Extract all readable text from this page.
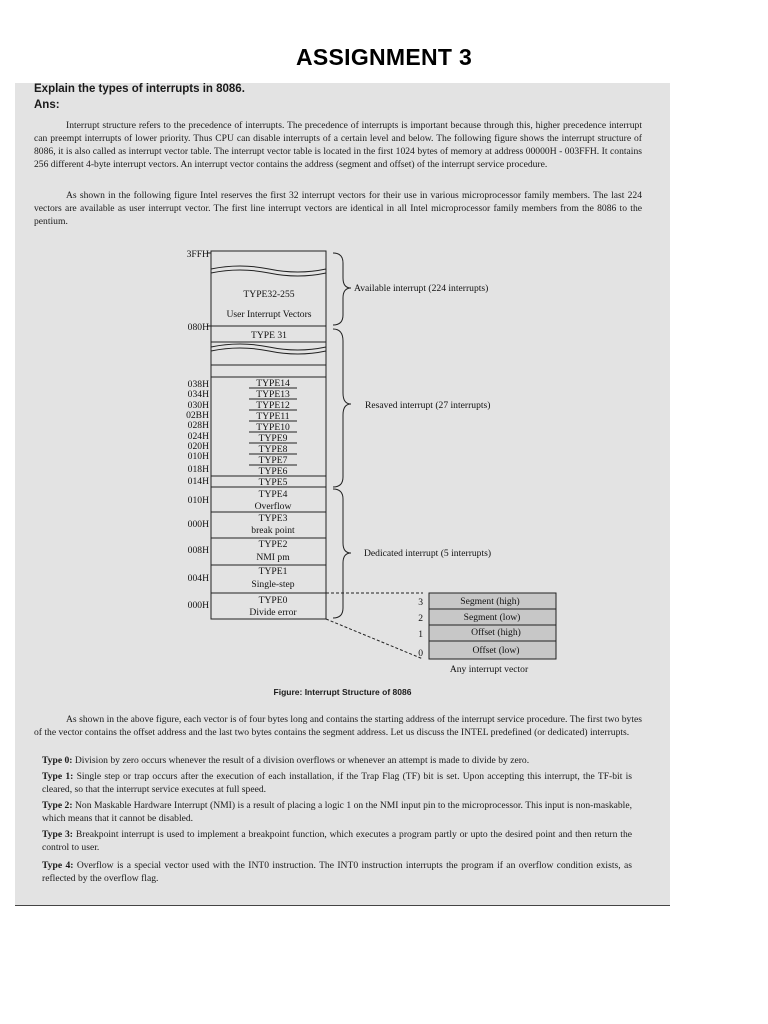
ASSIGNMENT 3
Explain the types of interrupts in 8086.
Ans:

Interrupt structure refers to the precedence of interrupts. The precedence of interrupts is important because through this, higher precedence interrupt can preempt interrupts of lower priority. Thus CPU can disable interrupts of a certain level and below. The following figure shows the interrupt structure of 8086, it is also called as interrupt vector table. The interrupt vector table is located in the first 1024 bytes of memory at address 00000H - 003FFH. It contains 256 different 4-byte interrupt vectors. An interrupt vector contains the address (segment and offset) of the interrupt service procedure.

As shown in the following figure Intel reserves the first 32 interrupt vectors for their use in various microprocessor family members. The last 224 vectors are available as user interrupt vector. The first line interrupt vectors are identical in all Intel microprocessor family members from the 8086 to the pentium.

3FFH
080H
038H
034H
030H
02BH
028H
024H
020H
010H
018H
014H
010H
000H
008H
004H
000H
TYPE32-255
User Interrupt Vectors
TYPE 31
TYPE14
TYPE13
TYPE12
TYPE11
TYPE10
TYPE9
TYPE8
TYPE7
TYPE6
TYPE5
TYPE4
Overflow
TYPE3
break point
TYPE2
NMI pm
TYPE1
Single-step
TYPE0
Divide error
Available interrupt (224 interrupts)
Resaved interrupt (27 interrupts)
Dedicated interrupt (5 interrupts)
3
2
1
0
Segment (high)
Segment (low)
Offset (high)
Offset (low)
Any interrupt vector
Figure: Interrupt Structure of 8086

As shown in the above figure, each vector is of four bytes long and contains the starting address of the interrupt service procedure. The first two bytes of the vector contains the offset address and the last two bytes contains the segment address. Let us discuss the INTEL predefined (or dedicated) interrupts.

Type 0: Division by zero occurs whenever the result of a division overflows or whenever an attempt is made to divide by zero.

Type 1: Single step or trap occurs after the execution of each installation, if the Trap Flag (TF) bit is set. Upon accepting this interrupt, the TF-bit is cleared, so that the interrupt service executes at full speed.

Type 2: Non Maskable Hardware Interrupt (NMI) is a result of placing a logic 1 on the NMI input pin to the microprocessor. This input is non-maskable, which means that it cannot be disabled.

Type 3: Breakpoint interrupt is used to implement a breakpoint function, which executes a program partly or upto the desired point and then return the control to user.

Type 4: Overflow is a special vector used with the INT0 instruction. The INT0 instruction interrupts the program if an overflow condition exists, as reflected by the overflow flag.
